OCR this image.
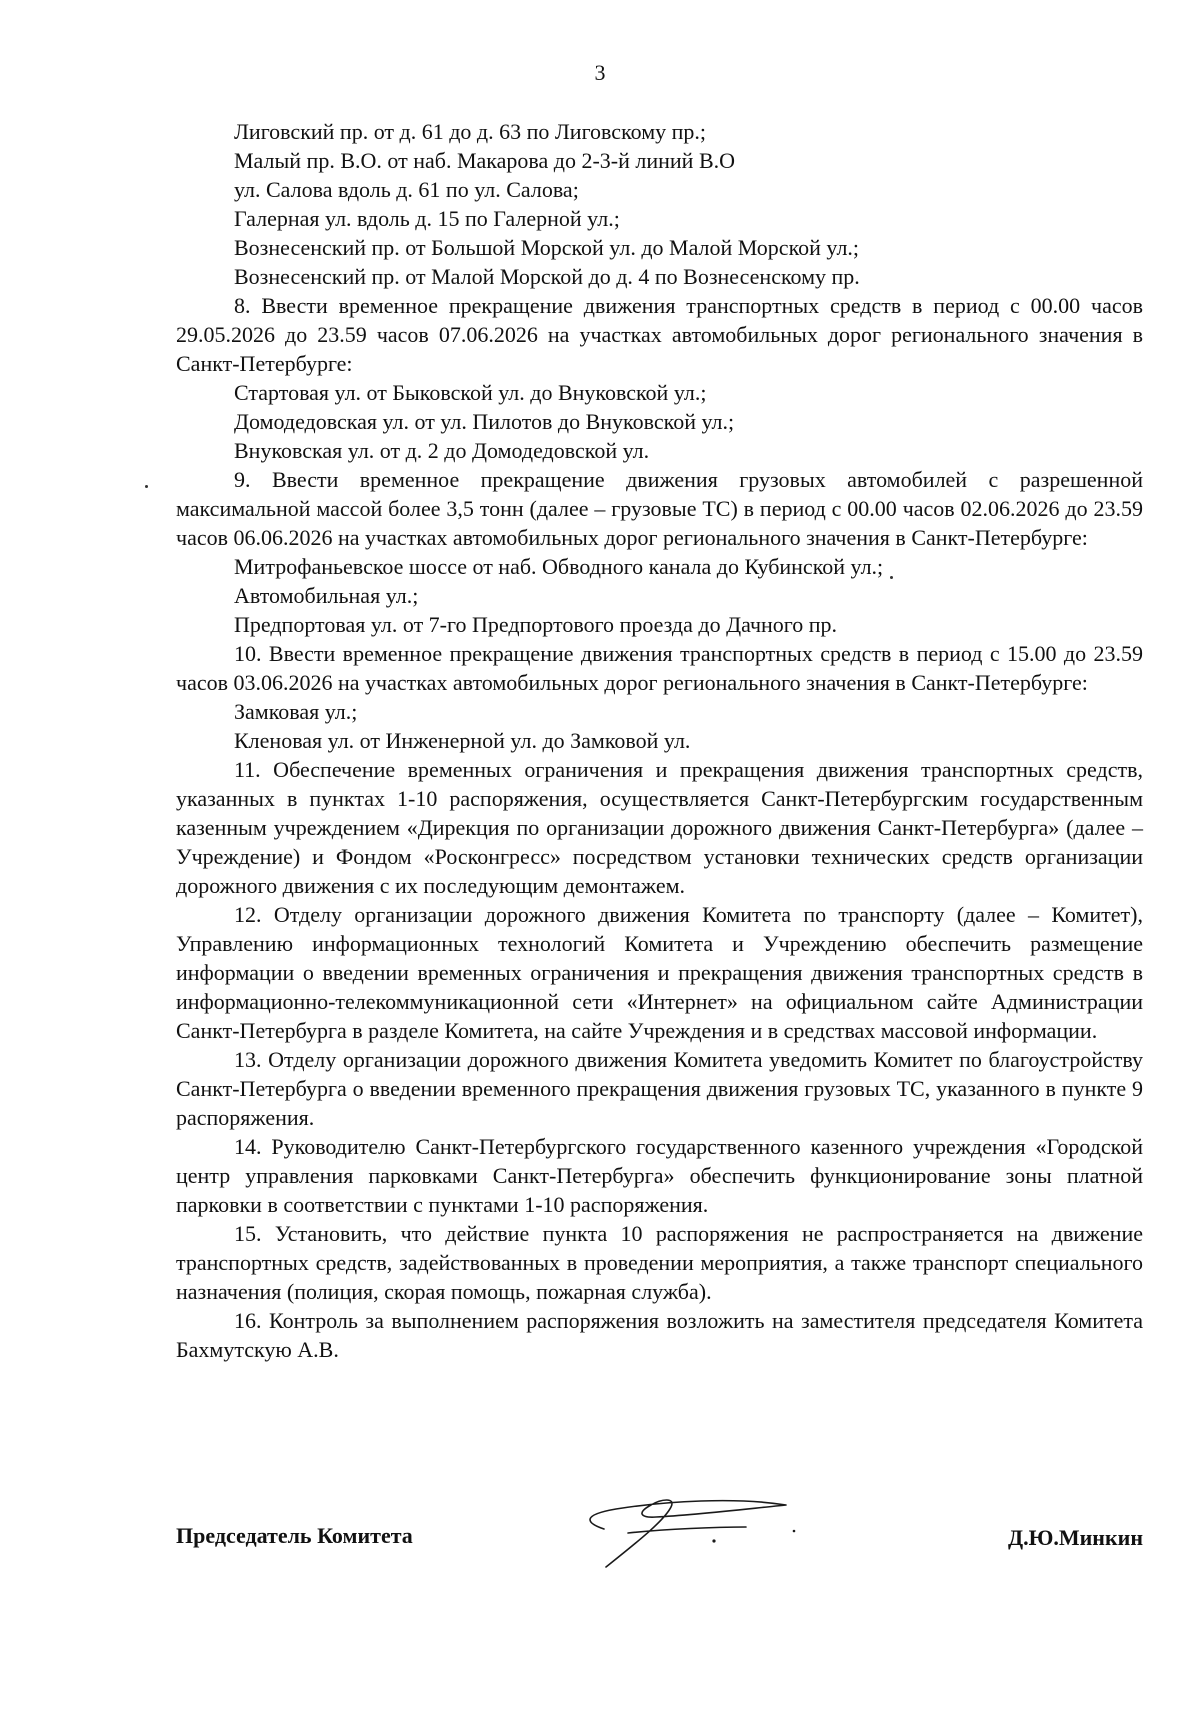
3

Лиговский пр. от д. 61 до д. 63 по Лиговскому пр.;

Малый пр. В.О. от наб. Макарова до 2-3-й линий В.О

ул. Салова вдоль д. 61 по ул. Салова;

Галерная ул. вдоль д. 15 по Галерной ул.;

Вознесенский пр. от Большой Морской ул. до Малой Морской ул.;

Вознесенский пр. от Малой Морской до д. 4 по Вознесенскому пр.

8. Ввести временное прекращение движения транспортных средств в период с 00.00 часов 29.05.2026 до 23.59 часов 07.06.2026 на участках автомобильных дорог регионального значения в Санкт-Петербурге:

Стартовая ул. от Быковской ул. до Внуковской ул.;

Домодедовская ул. от ул. Пилотов до Внуковской ул.;

Внуковская ул. от д. 2 до Домодедовской ул.

9. Ввести временное прекращение движения грузовых автомобилей с разрешенной максимальной массой более 3,5 тонн (далее – грузовые ТС) в период с 00.00 часов 02.06.2026 до 23.59 часов 06.06.2026 на участках автомобильных дорог регионального значения в Санкт-Петербурге:

Митрофаньевское шоссе от наб. Обводного канала до Кубинской ул.;

Автомобильная ул.;

Предпортовая ул. от 7-го Предпортового проезда до Дачного пр.

10. Ввести временное прекращение движения транспортных средств в период с 15.00 до 23.59 часов 03.06.2026 на участках автомобильных дорог регионального значения в Санкт-Петербурге:

Замковая ул.;

Кленовая ул. от Инженерной ул. до Замковой ул.

11. Обеспечение временных ограничения и прекращения движения транспортных средств, указанных в пунктах 1-10 распоряжения, осуществляется Санкт-Петербургским государственным казенным учреждением «Дирекция по организации дорожного движения Санкт-Петербурга» (далее – Учреждение) и Фондом «Росконгресс» посредством установки технических средств организации дорожного движения с их последующим демонтажем.

12. Отделу организации дорожного движения Комитета по транспорту (далее – Комитет), Управлению информационных технологий Комитета и Учреждению обеспечить размещение информации о введении временных ограничения и прекращения движения транспортных средств в информационно-телекоммуникационной сети «Интернет» на официальном сайте Администрации Санкт-Петербурга в разделе Комитета, на сайте Учреждения и в средствах массовой информации.

13. Отделу организации дорожного движения Комитета уведомить Комитет по благоустройству Санкт-Петербурга о введении временного прекращения движения грузовых ТС, указанного в пункте 9 распоряжения.

14. Руководителю Санкт-Петербургского государственного казенного учреждения «Городской центр управления парковками Санкт-Петербурга» обеспечить функционирование зоны платной парковки в соответствии с пунктами 1-10 распоряжения.

15. Установить, что действие пункта 10 распоряжения не распространяется на движение транспортных средств, задействованных в проведении мероприятия, а также транспорт специального назначения (полиция, скорая помощь, пожарная служба).

16. Контроль за выполнением распоряжения возложить на заместителя председателя Комитета Бахмутскую А.В.

Председатель Комитета	Д.Ю.Минкин
